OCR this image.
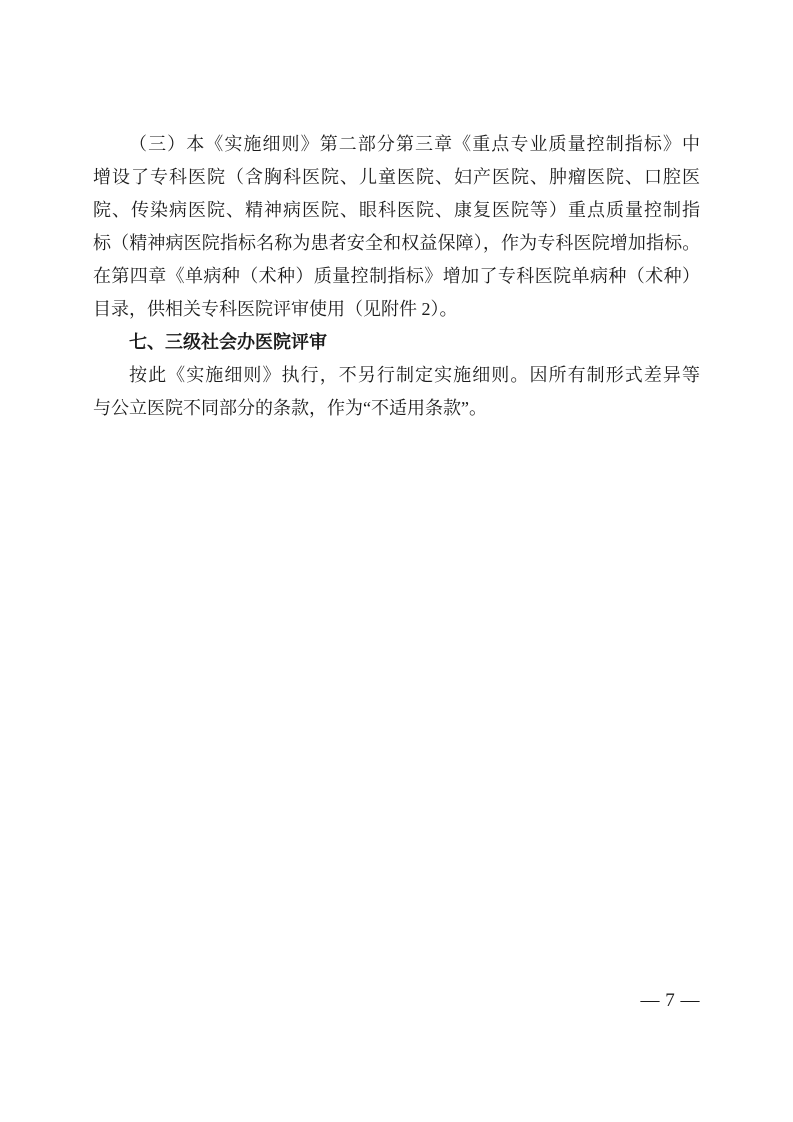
（三）本《实施细则》第二部分第三章《重点专业质量控制指标》中
增设了专科医院（含胸科医院、儿童医院、妇产医院、肿瘤医院、口腔医
院、传染病医院、精神病医院、眼科医院、康复医院等）重点质量控制指
标（精神病医院指标名称为患者安全和权益保障），作为专科医院增加指标。
在第四章《单病种（术种）质量控制指标》增加了专科医院单病种（术种）
目录，供相关专科医院评审使用（见附件 2）。
七、三级社会办医院评审
按此《实施细则》执行，不另行制定实施细则。因所有制形式差异等
与公立医院不同部分的条款，作为“不适用条款”。
— 7 —
